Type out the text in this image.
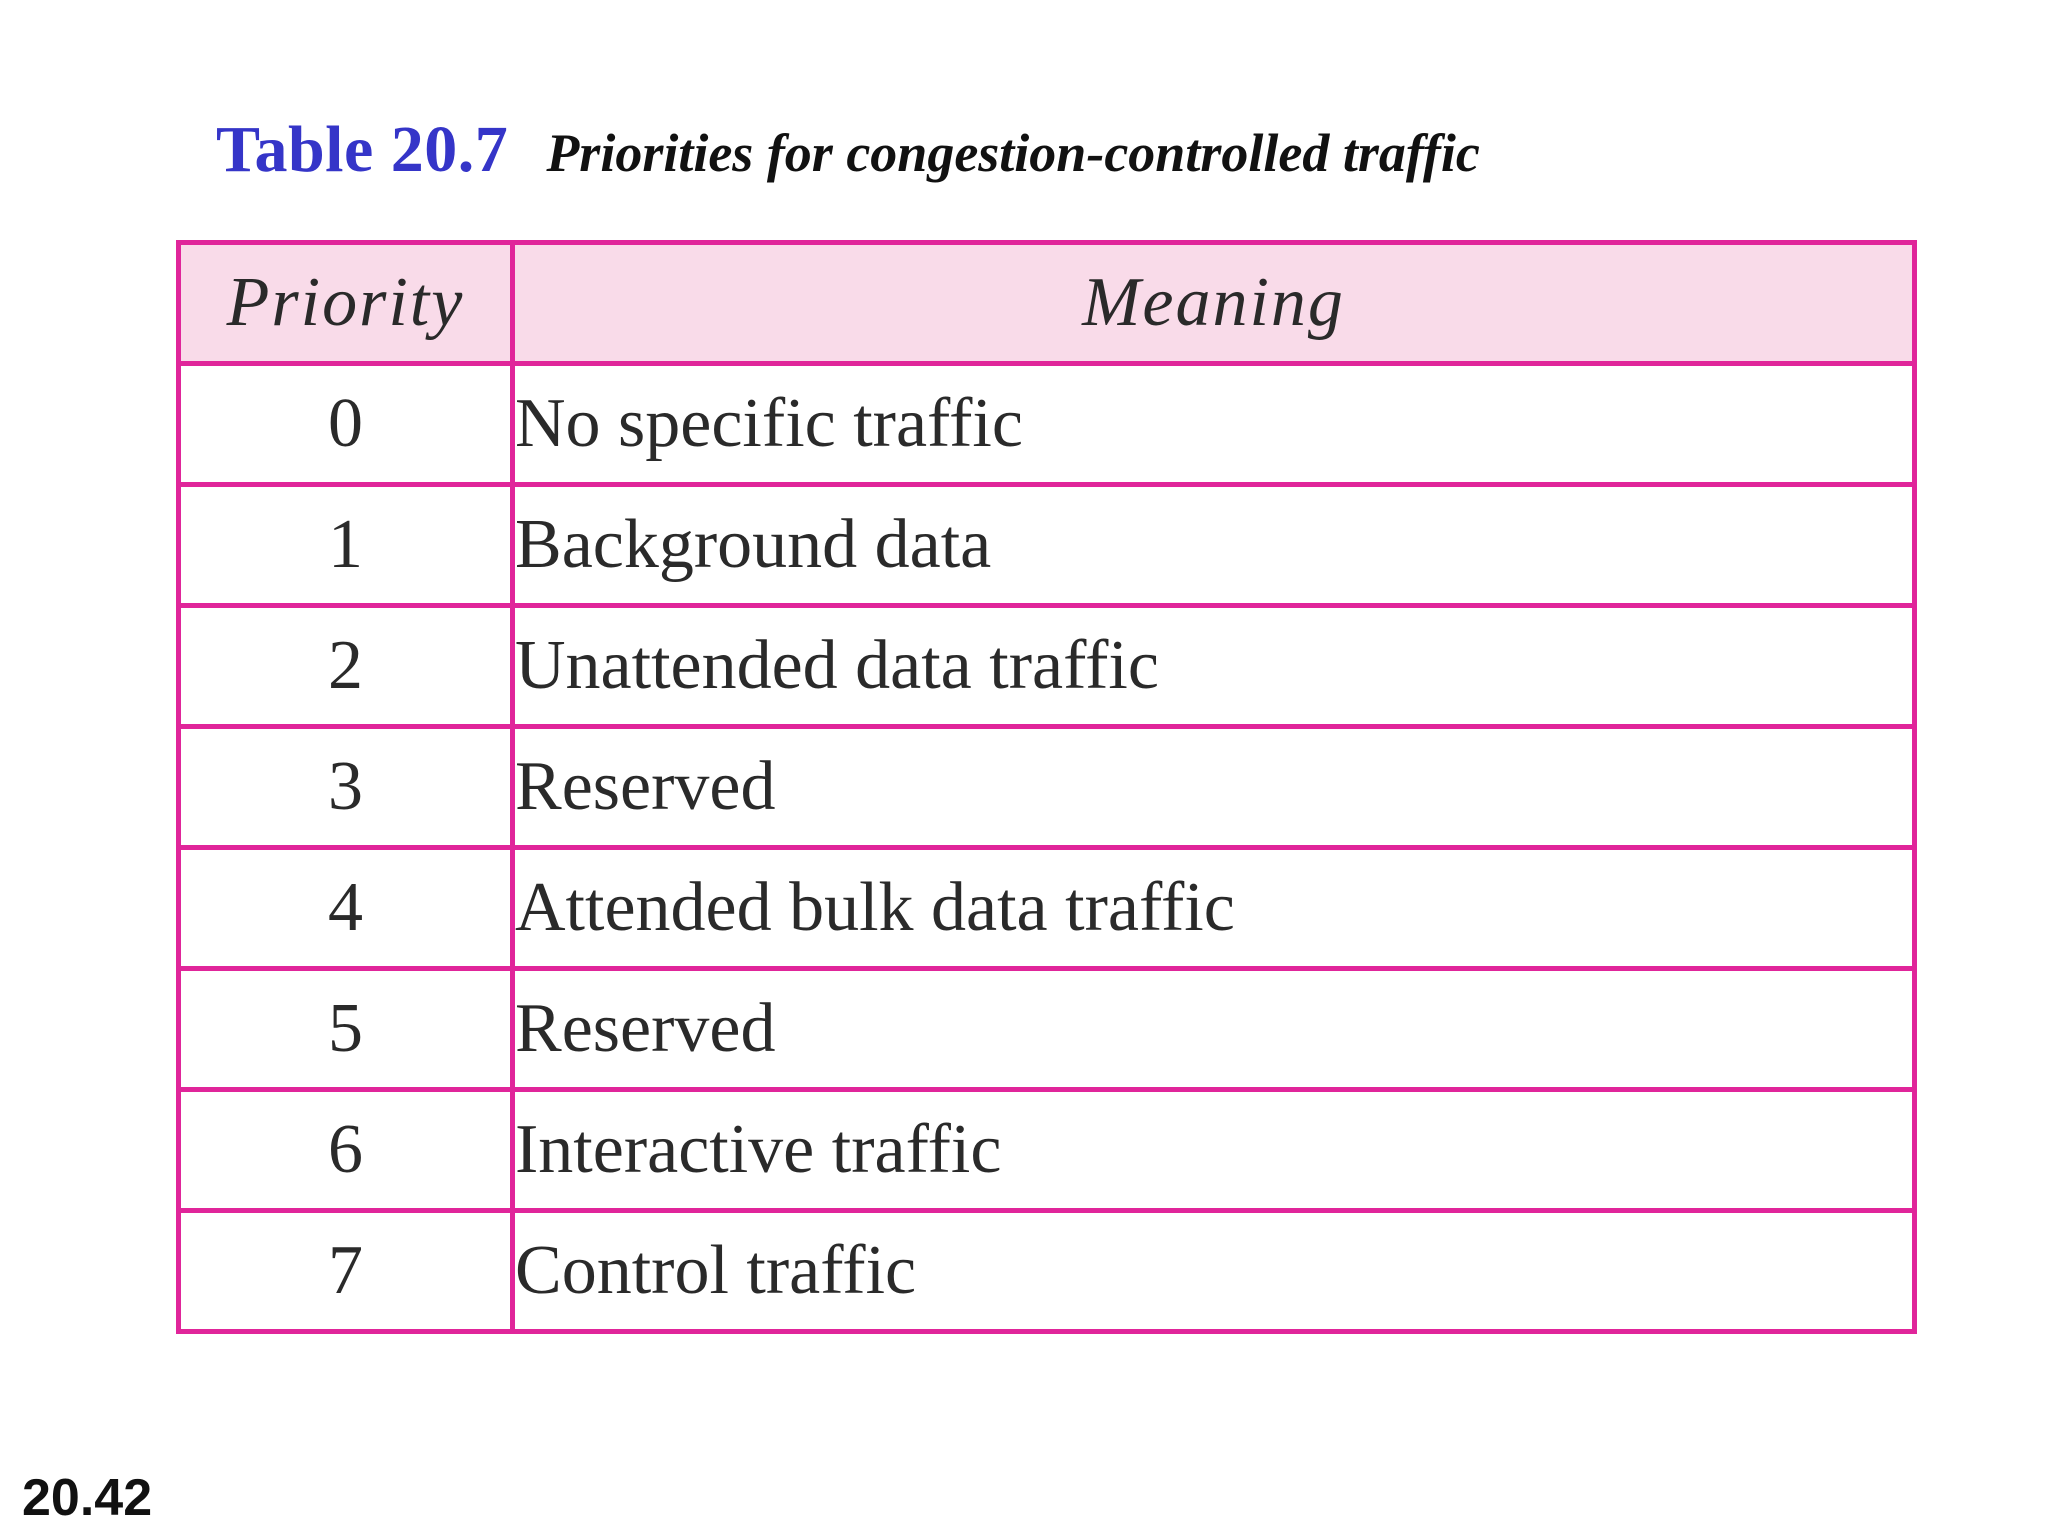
Table 20.7 Priorities for congestion-controlled traffic
Priority	Meaning
0	No specific traffic
1	Background data
2	Unattended data traffic
3	Reserved
4	Attended bulk data traffic
5	Reserved
6	Interactive traffic
7	Control traffic
20.42
